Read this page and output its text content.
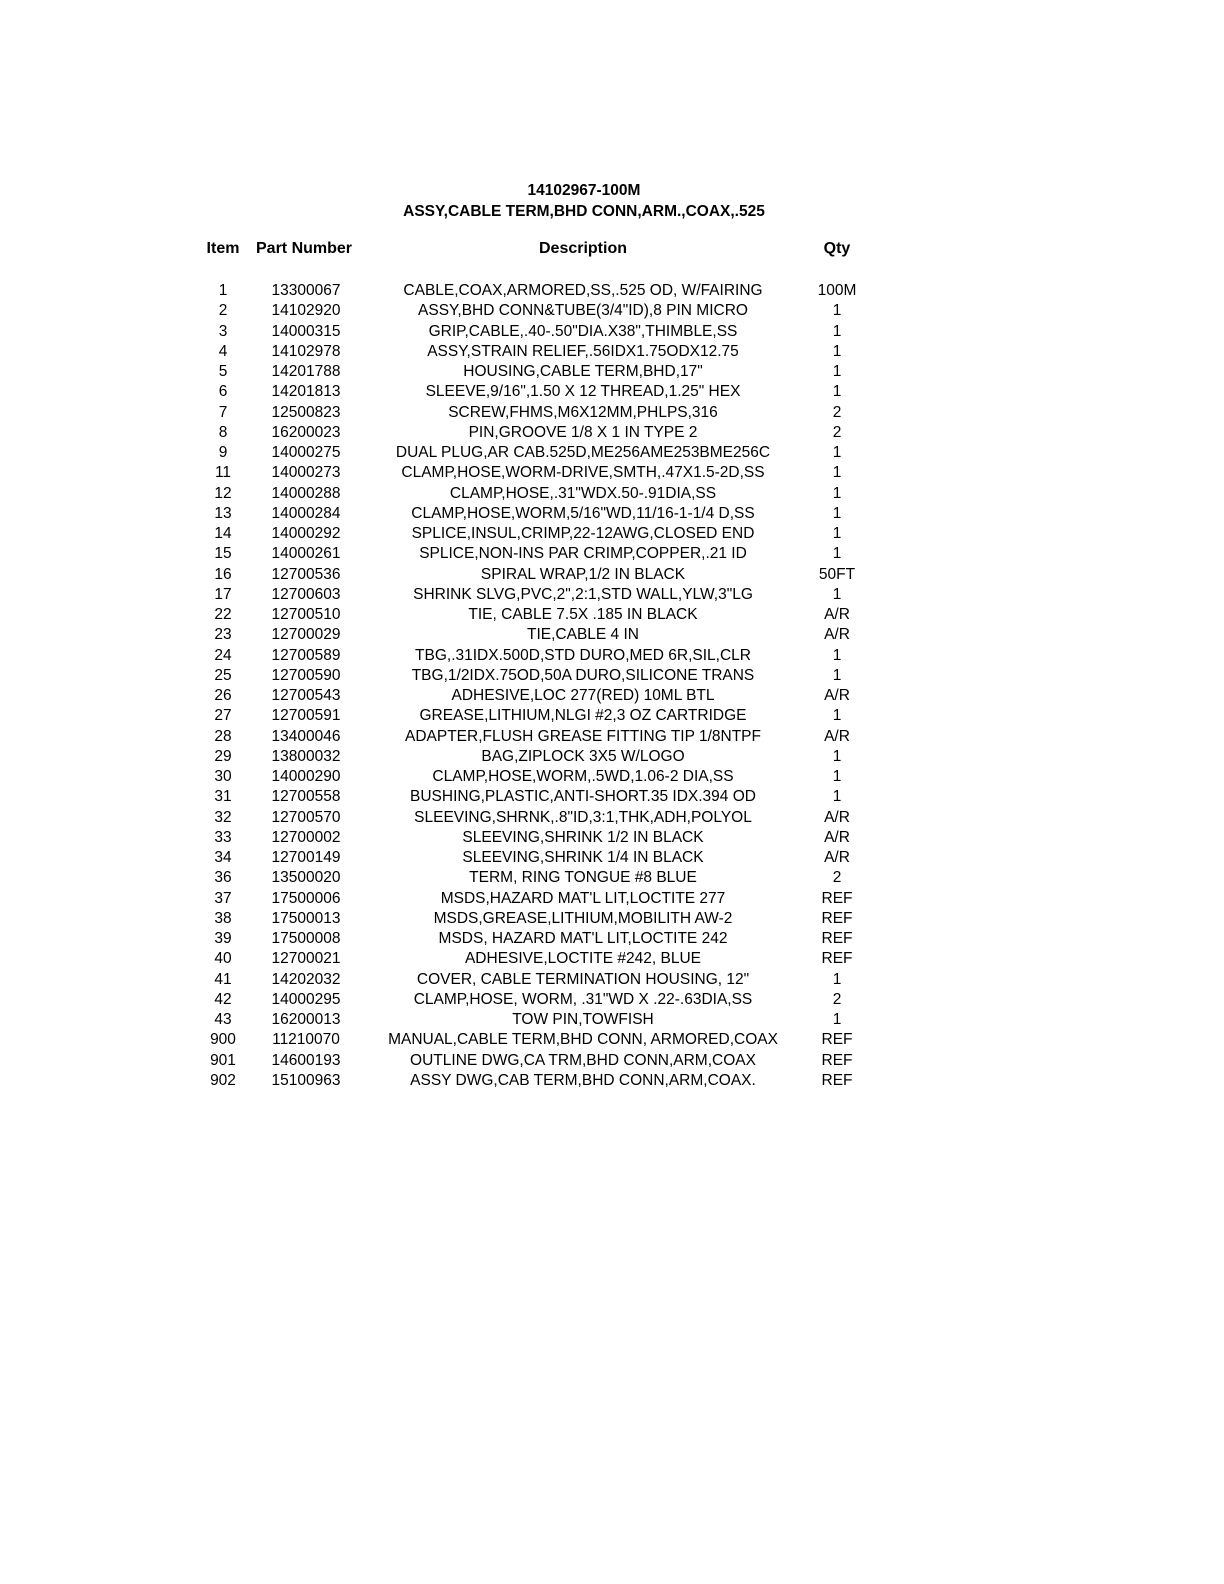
14102967-100M
ASSY,CABLE TERM,BHD CONN,ARM.,COAX,.525
Item	Part Number	Description	Qty
1	13300067	CABLE,COAX,ARMORED,SS,.525 OD, W/FAIRING	100M
2	14102920	ASSY,BHD CONN&TUBE(3/4"ID),8 PIN MICRO	1
3	14000315	GRIP,CABLE,.40-.50"DIA.X38",THIMBLE,SS	1
4	14102978	ASSY,STRAIN RELIEF,.56IDX1.75ODX12.75	1
5	14201788	HOUSING,CABLE TERM,BHD,17"	1
6	14201813	SLEEVE,9/16",1.50 X 12 THREAD,1.25" HEX	1
7	12500823	SCREW,FHMS,M6X12MM,PHLPS,316	2
8	16200023	PIN,GROOVE 1/8 X 1 IN TYPE 2	2
9	14000275	DUAL PLUG,AR CAB.525D,ME256AME253BME256C	1
11	14000273	CLAMP,HOSE,WORM-DRIVE,SMTH,.47X1.5-2D,SS	1
12	14000288	CLAMP,HOSE,.31"WDX.50-.91DIA,SS	1
13	14000284	CLAMP,HOSE,WORM,5/16"WD,11/16-1-1/4 D,SS	1
14	14000292	SPLICE,INSUL,CRIMP,22-12AWG,CLOSED END	1
15	14000261	SPLICE,NON-INS PAR CRIMP,COPPER,.21 ID	1
16	12700536	SPIRAL WRAP,1/2 IN BLACK	50FT
17	12700603	SHRINK SLVG,PVC,2",2:1,STD WALL,YLW,3"LG	1
22	12700510	TIE, CABLE 7.5X .185 IN BLACK	A/R
23	12700029	TIE,CABLE 4 IN	A/R
24	12700589	TBG,.31IDX.500D,STD DURO,MED 6R,SIL,CLR	1
25	12700590	TBG,1/2IDX.75OD,50A DURO,SILICONE TRANS	1
26	12700543	ADHESIVE,LOC 277(RED) 10ML BTL	A/R
27	12700591	GREASE,LITHIUM,NLGI #2,3 OZ CARTRIDGE	1
28	13400046	ADAPTER,FLUSH GREASE FITTING TIP 1/8NTPF	A/R
29	13800032	BAG,ZIPLOCK 3X5 W/LOGO	1
30	14000290	CLAMP,HOSE,WORM,.5WD,1.06-2 DIA,SS	1
31	12700558	BUSHING,PLASTIC,ANTI-SHORT.35 IDX.394 OD	1
32	12700570	SLEEVING,SHRNK,.8"ID,3:1,THK,ADH,POLYOL	A/R
33	12700002	SLEEVING,SHRINK 1/2 IN BLACK	A/R
34	12700149	SLEEVING,SHRINK 1/4 IN BLACK	A/R
36	13500020	TERM, RING TONGUE #8 BLUE	2
37	17500006	MSDS,HAZARD MAT'L LIT,LOCTITE 277	REF
38	17500013	MSDS,GREASE,LITHIUM,MOBILITH AW-2	REF
39	17500008	MSDS, HAZARD MAT'L LIT,LOCTITE 242	REF
40	12700021	ADHESIVE,LOCTITE #242, BLUE	REF
41	14202032	COVER, CABLE TERMINATION HOUSING, 12"	1
42	14000295	CLAMP,HOSE, WORM, .31"WD X .22-.63DIA,SS	2
43	16200013	TOW PIN,TOWFISH	1
900	11210070	MANUAL,CABLE TERM,BHD CONN, ARMORED,COAX	REF
901	14600193	OUTLINE DWG,CA TRM,BHD CONN,ARM,COAX	REF
902	15100963	ASSY DWG,CAB TERM,BHD CONN,ARM,COAX.	REF
